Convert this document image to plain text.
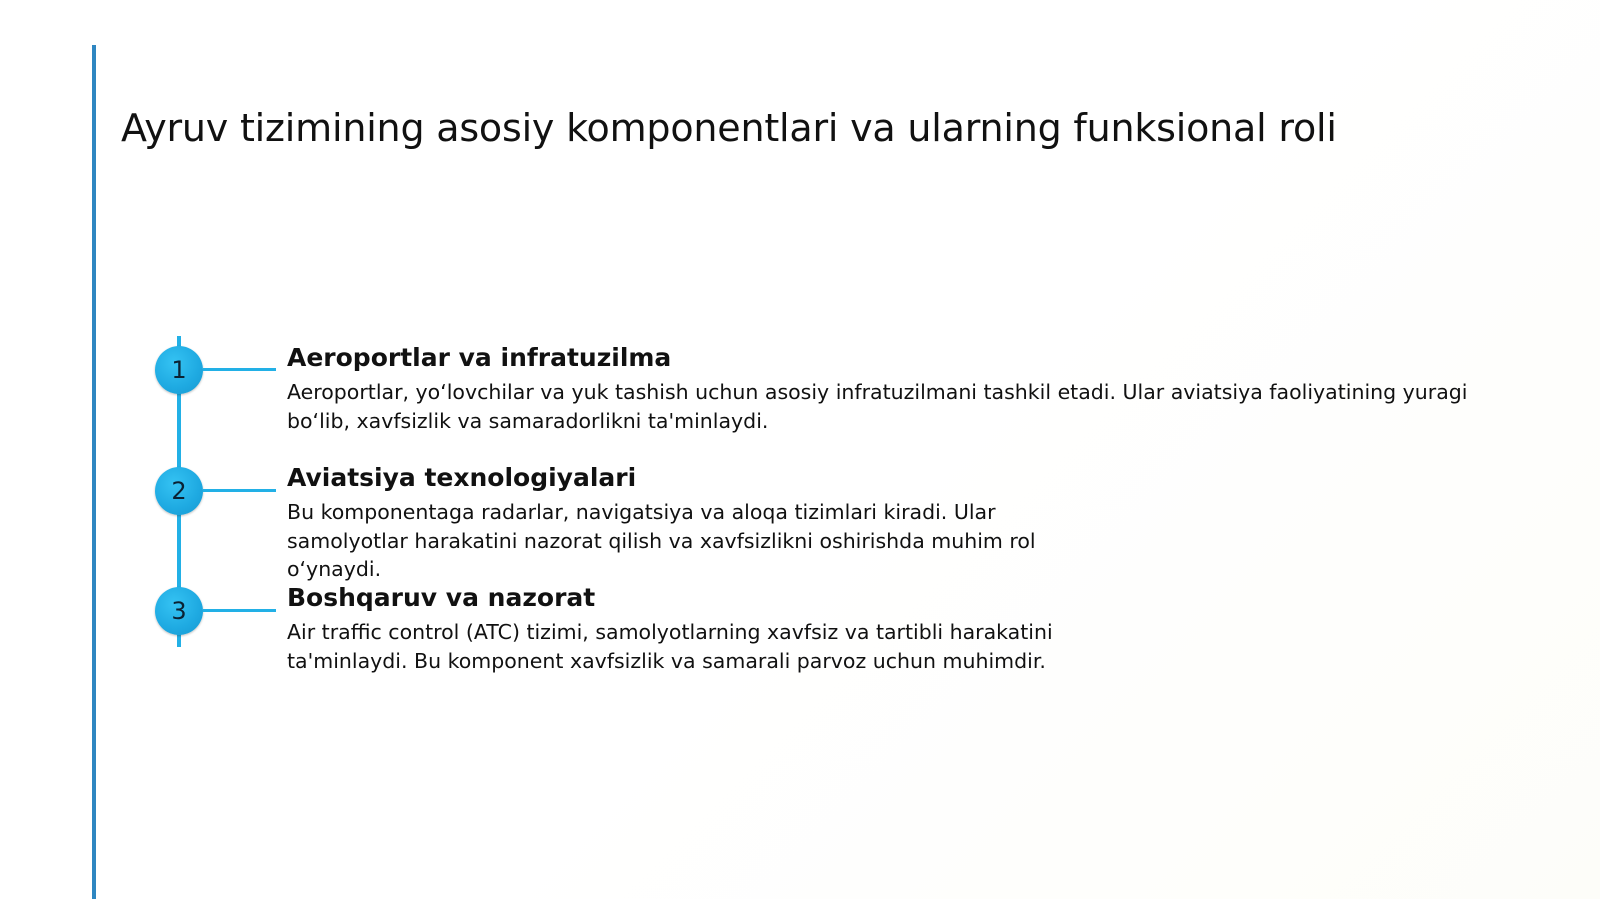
Ayruv tizimining asosiy komponentlari va ularning funksional roli
1	Aeroportlar va infratuzilma

Aeroportlar, yo‘lovchilar va yuk tashish uchun asosiy infratuzilmani tashkil etadi. Ular aviatsiya faoliyatining yuragi bo‘lib, xavfsizlik va samaradorlikni ta'minlaydi.

2	Aviatsiya texnologiyalari

Bu komponentaga radarlar, navigatsiya va aloqa tizimlari kiradi. Ular samolyotlar harakatini nazorat qilish va xavfsizlikni oshirishda muhim rol o‘ynaydi.

3	Boshqaruv va nazorat

Air traffic control (ATC) tizimi, samolyotlarning xavfsiz va tartibli harakatini ta'minlaydi. Bu komponent xavfsizlik va samarali parvoz uchun muhimdir.
